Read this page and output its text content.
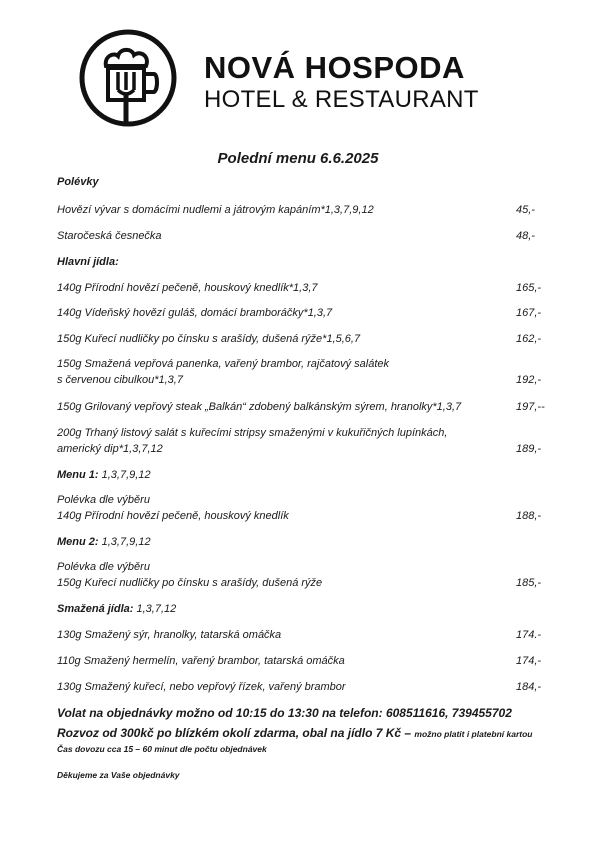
NOVÁ HOSPODA
HOTEL & RESTAURANT
Polední menu 6.6.2025
Polévky
Hovězí vývar s domácími nudlemi a játrovým kapáním*1,3,7,9,12	45,-
Staročeská česnečka	48,-
Hlavní jídla:
140g Přírodní hovězí pečeně, houskový knedlík*1,3,7	165,-
140g Vídeňský hovězí guláš, domácí bramboráčky*1,3,7	167,-
150g Kuřecí nudličky po čínsku s arašídy, dušená rýže*1,5,6,7	162,-
150g Smažená vepřová panenka, vařený brambor, rajčatový salátek
s červenou cibulkou*1,3,7	192,-
150g Grilovaný vepřový steak „Balkán“ zdobený balkánským sýrem, hranolky*1,3,7	197,--
200g Trhaný listový salát s kuřecími stripsy smaženými v kukuřičných lupínkách,
americký dip*1,3,7,12	189,-
Menu 1: 1,3,7,9,12
Polévka dle výběru
140g Přírodní hovězí pečeně, houskový knedlík	188,-
Menu 2: 1,3,7,9,12
Polévka dle výběru
150g Kuřecí nudličky po čínsku s arašídy, dušená rýže	185,-
Smažená jídla: 1,3,7,12
130g Smažený sýr, hranolky, tatarská omáčka	174.-
110g Smažený hermelín, vařený brambor, tatarská omáčka	174,-
130g Smažený kuřecí, nebo vepřový řízek, vařený brambor	184,-
Volat na objednávky možno od 10:15 do 13:30 na telefon: 608511616, 739455702
Rozvoz od 300kč po blízkém okolí zdarma, obal na jídlo 7 Kč – možno platit i platební kartou
Čas dovozu cca 15 – 60 minut dle počtu objednávek
Děkujeme za Vaše objednávky
